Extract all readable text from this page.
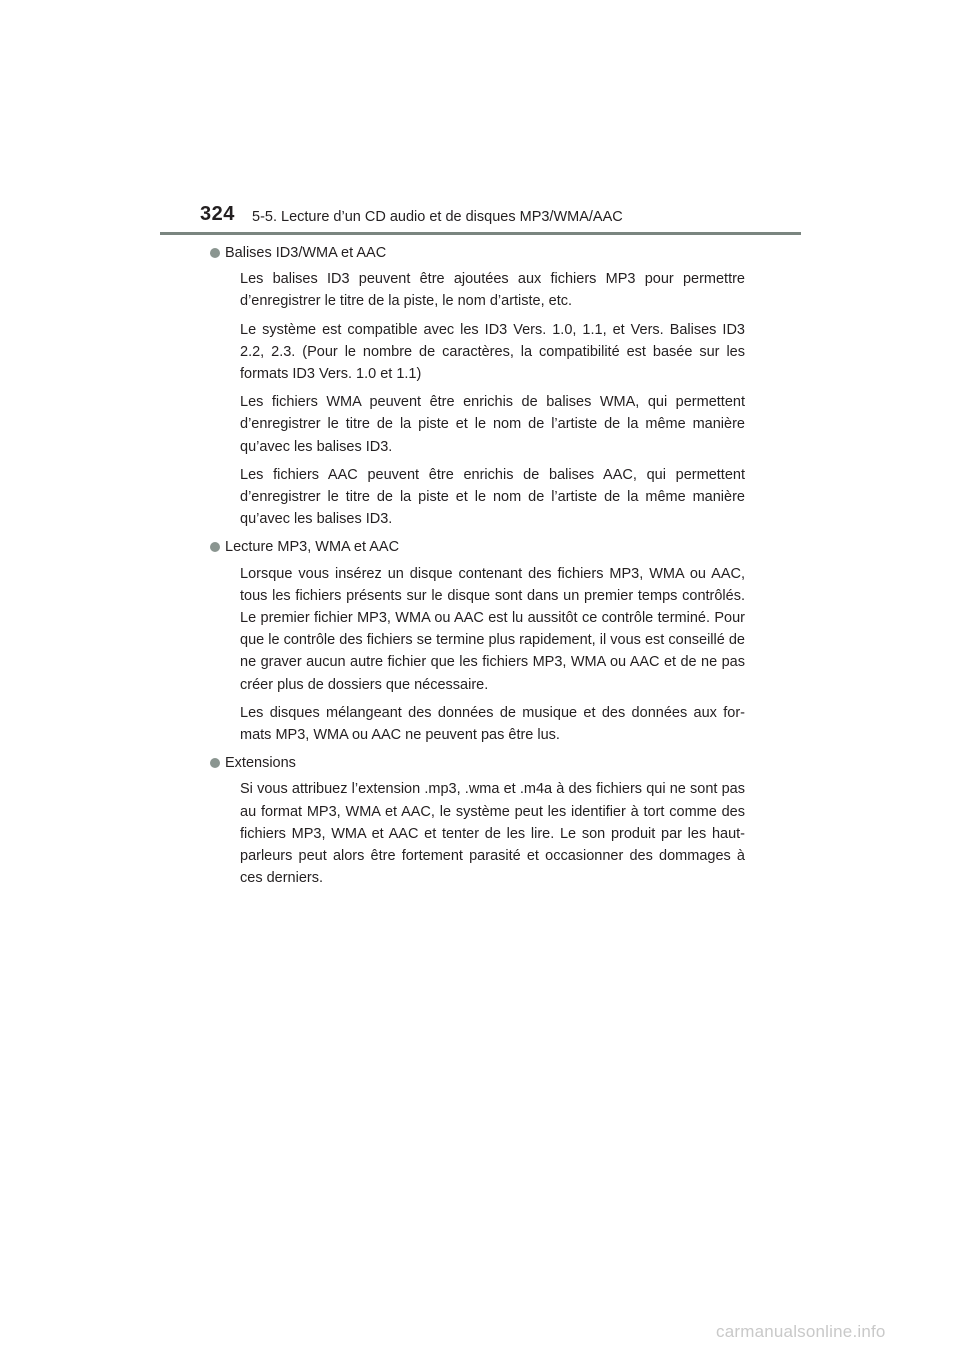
324 5-5. Lecture d’un CD audio et de disques MP3/WMA/AAC
Balises ID3/WMA et AAC

Les balises ID3 peuvent être ajoutées aux fichiers MP3 pour permettre d’enregistrer le titre de la piste, le nom d’artiste, etc.

Le système est compatible avec les ID3 Vers. 1.0, 1.1, et Vers. Balises ID3 2.2, 2.3. (Pour le nombre de caractères, la compatibilité est basée sur les formats ID3 Vers. 1.0 et 1.1)

Les fichiers WMA peuvent être enrichis de balises WMA, qui permettent d’enregistrer le titre de la piste et le nom de l’artiste de la même manière qu’avec les balises ID3.

Les fichiers AAC peuvent être enrichis de balises AAC, qui permettent d’enregistrer le titre de la piste et le nom de l’artiste de la même manière qu’avec les balises ID3.

Lecture MP3, WMA et AAC

Lorsque vous insérez un disque contenant des fichiers MP3, WMA ou AAC, tous les fichiers présents sur le disque sont dans un premier temps contrôlés. Le premier fichier MP3, WMA ou AAC est lu aussitôt ce contrôle terminé. Pour que le contrôle des fichiers se termine plus rapidement, il vous est conseillé de ne graver aucun autre fichier que les fichiers MP3, WMA ou AAC et de ne pas créer plus de dossiers que nécessaire.

Les disques mélangeant des données de musique et des données aux for-mats MP3, WMA ou AAC ne peuvent pas être lus.

Extensions

Si vous attribuez l’extension .mp3, .wma et .m4a à des fichiers qui ne sont pas au format MP3, WMA et AAC, le système peut les identifier à tort comme des fichiers MP3, WMA et AAC et tenter de les lire. Le son produit par les haut-parleurs peut alors être fortement parasité et occasionner des dommages à ces derniers.

carmanualsonline.info
